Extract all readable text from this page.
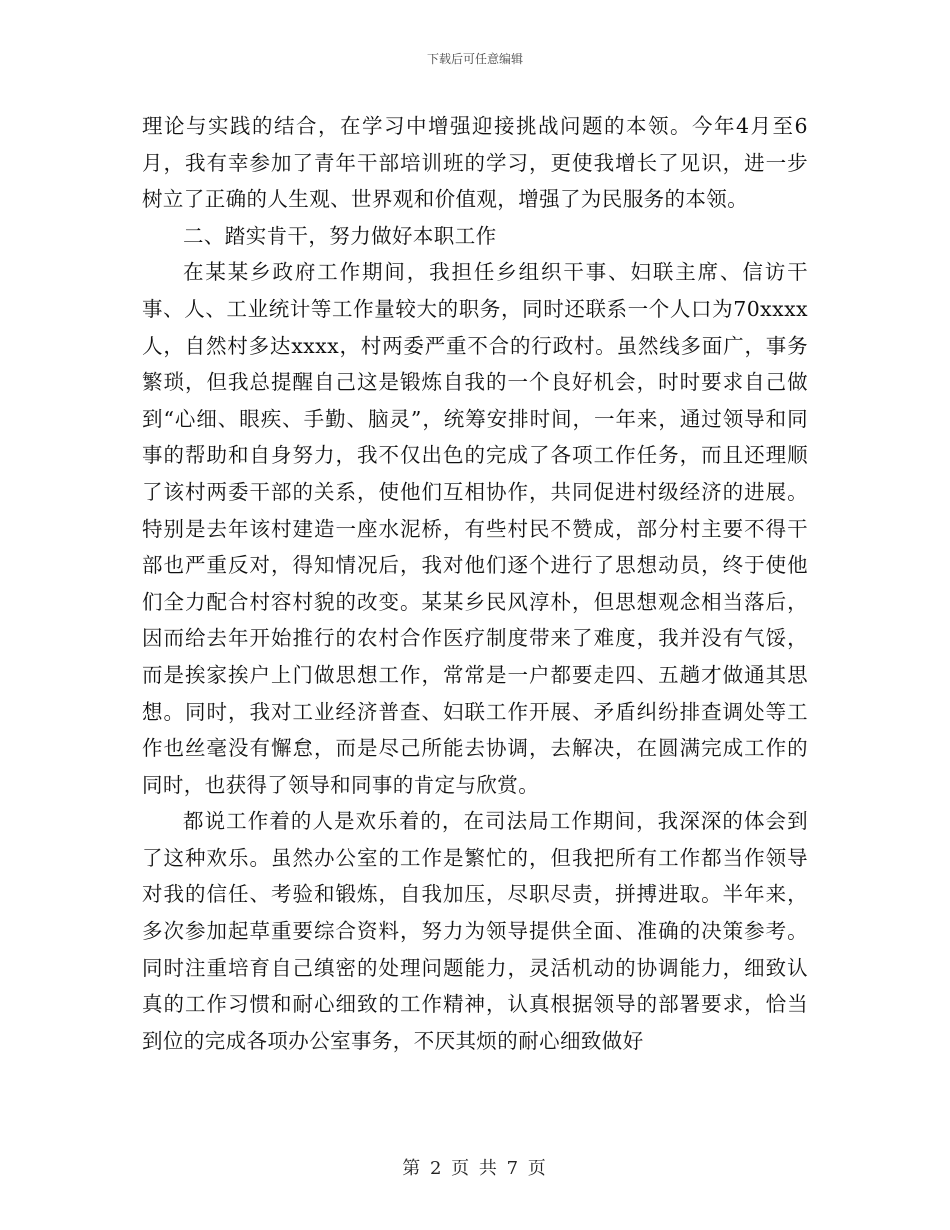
下载后可任意编辑

理论与实践的结合，在学习中增强迎接挑战问题的本领。今年4月至6月，我有幸参加了青年干部培训班的学习，更使我增长了见识，进一步树立了正确的人生观、世界观和价值观，增强了为民服务的本领。

二、踏实肯干，努力做好本职工作

在某某乡政府工作期间，我担任乡组织干事、妇联主席、信访干事、人、工业统计等工作量较大的职务，同时还联系一个人口为70xxxx人，自然村多达xxxx，村两委严重不合的行政村。虽然线多面广，事务繁琐，但我总提醒自己这是锻炼自我的一个良好机会，时时要求自己做到“心细、眼疾、手勤、脑灵”，统筹安排时间，一年来，通过领导和同事的帮助和自身努力，我不仅出色的完成了各项工作任务，而且还理顺了该村两委干部的关系，使他们互相协作，共同促进村级经济的进展。特别是去年该村建造一座水泥桥，有些村民不赞成，部分村主要不得干部也严重反对，得知情况后，我对他们逐个进行了思想动员，终于使他们全力配合村容村貌的改变。某某乡民风淳朴，但思想观念相当落后，因而给去年开始推行的农村合作医疗制度带来了难度，我并没有气馁，而是挨家挨户上门做思想工作，常常是一户都要走四、五趟才做通其思想。同时，我对工业经济普查、妇联工作开展、矛盾纠纷排查调处等工作也丝毫没有懈怠，而是尽己所能去协调，去解决，在圆满完成工作的同时，也获得了领导和同事的肯定与欣赏。

都说工作着的人是欢乐着的，在司法局工作期间，我深深的体会到了这种欢乐。虽然办公室的工作是繁忙的，但我把所有工作都当作领导对我的信任、考验和锻炼，自我加压，尽职尽责，拼搏进取。半年来，多次参加起草重要综合资料，努力为领导提供全面、准确的决策参考。同时注重培育自己缜密的处理问题能力，灵活机动的协调能力，细致认真的工作习惯和耐心细致的工作精神，认真根据领导的部署要求，恰当到位的完成各项办公室事务，不厌其烦的耐心细致做好

第 2 页 共 7 页
